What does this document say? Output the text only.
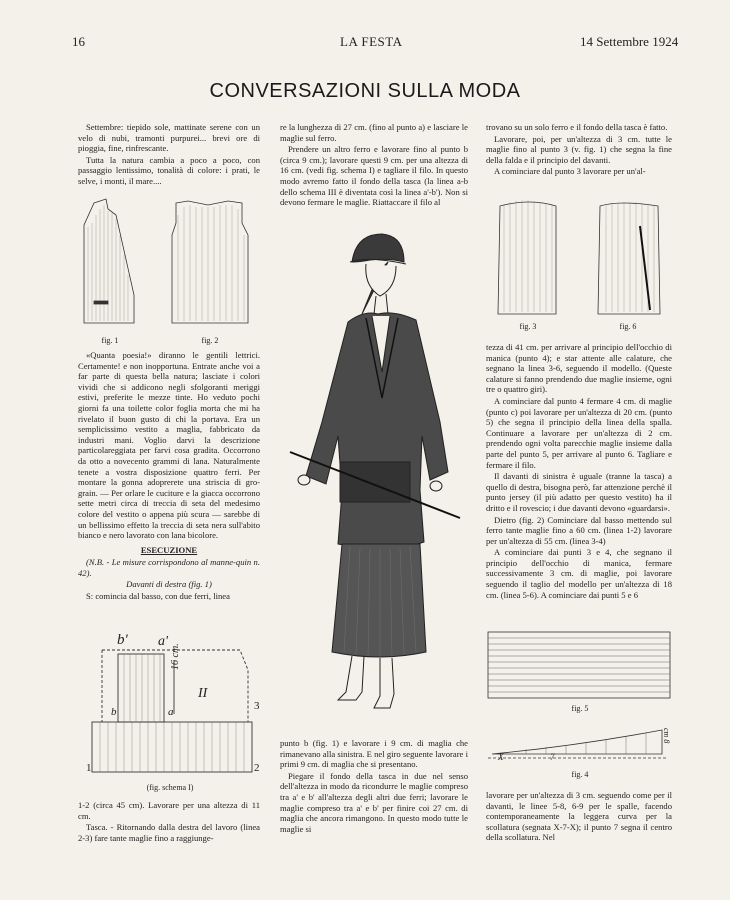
16	LA FESTA	14 Settembre 1924
CONVERSAZIONI SULLA MODA

Settembre: tiepido sole, mattinate serene con un velo di nubi, tramonti purpurei... brevi ore di pioggia, fine, rinfrescante.

Tutta la natura cambia a poco a poco, con passaggio lentissimo, tonalità di colore: i prati, le selve, i monti, il mare....

fig. 1	fig. 2

«Quanta poesia!» diranno le gentili lettrici. Certamente! e non inopportuna. Entrate anche voi a far parte di questa bella natura; lasciate i colori vividi che si addicono negli sfolgoranti meriggi estivi, preferite le mezze tinte. Ho veduto pochi giorni fa una toilette color foglia morta che mi ha rivelato il buon gusto di chi la portava. Era un semplicissimo vestito a maglia, fabbricato da industri mani. Voglio darvi la descrizione particolareggiata per farvi cosa gradita. Occorrono da otto a novecento grammi di lana. Naturalmente tenete a vostra disposizione quattro ferri. Per montare la gonna adoprerete una striscia di gro-grain. — Per orlare le cuciture e la giacca occorrono sette metri circa di treccia di seta del medesimo colore del vestito o appena più scura — sarebbe di un bellissimo effetto la treccia di seta nera sull'abito bianco e nero lavorato con lana bicolore.

ESECUZIONE

(N.B. - Le misure corrispondono al manne-quin n. 42).

Davanti di destra (fig. 1)

S: comincia dal basso, con due ferri, linea

b' a'
b	a
16 cm.
II
1	2
3
(fig. schema I)

1-2 (circa 45 cm). Lavorare per una altezza di 11 cm.

Tasca. - Ritornando dalla destra del lavoro (linea 2-3) fare tante maglie fino a raggiunge-

re la lunghezza di 27 cm. (fino al punto a) e lasciare le maglie sul ferro.

Prendere un altro ferro e lavorare fino al punto b (circa 9 cm.); lavorare questi 9 cm. per una altezza di 16 cm. (vedi fig. schema I) e tagliare il filo. In questo modo avremo fatto il fondo della tasca (la linea a-b dello schema III è diventata così la linea a'-b'). Non si devono fermare le maglie. Riattaccare il filo al

punto b (fig. 1) e lavorare i 9 cm. di maglia che rimanevano alla sinistra. E nel giro seguente lavorare i primi 9 cm. di maglia che si presentano.

Piegare il fondo della tasca in due nel senso dell'altezza in modo da ricondurre le maglie compreso tra a' e b' all'altezza degli altri due ferri; lavorare le maglie compreso tra a' e b' per finire coi 27 cm. di maglia che ancora rimangono. In questo modo tutte le maglie si

trovano su un solo ferro e il fondo della tasca è fatto.

Lavorare, poi, per un'altezza di 3 cm. tutte le maglie fino al punto 3 (v. fig. 1) che segna la fine della falda e il principio del davanti.

A cominciare dal punto 3 lavorare per un'al-

fig. 3	fig. 6

tezza di 41 cm. per arrivare al principio dell'occhio di manica (punto 4); e star attente alle calature, che segnano la linea 3-6, seguendo il modello. (Queste calature si fanno prendendo due maglie insieme, ogni tre o quattro giri).

A cominciare dal punto 4 fermare 4 cm. di maglie (punto c) poi lavorare per un'altezza di 20 cm. (punto 5) che segna il principio della linea della spalla. Continuare a lavorare per un'altezza di 2 cm. prendendo ogni volta parecchie maglie insieme dalla parte del punto 5, per arrivare al punto 6. Tagliare e fermare il filo.

Il davanti di sinistra è uguale (tranne la tasca) a quello di destra, bisogna però, far attenzione perchè il punto jersey (il più adatto per questo vestito) ha il dritto e il rovescio; i due davanti devono «guardarsi».

Dietro (fig. 2) Cominciare dal basso mettendo sul ferro tante maglie fino a 60 cm. (linea 1-2) lavorare per un'altezza di 55 cm. (linea 3-4)

A cominciare dai punti 3 e 4, che segnano il principio dell'occhio di manica, fermare successivamente 3 cm. di maglie, poi lavorare seguendo il taglio del modello per un'altezza di 18 cm. (linea 5-6). A cominciare dai punti 5 e 6

fig. 5
7
X
cm 8
fig. 4

lavorare per un'altezza di 3 cm. seguendo come per il davanti, le linee 5-8, 6-9 per le spalle, facendo contemporaneamente la leggera curva per la scollatura (segnata X-7-X); il punto 7 segna il centro della scollatura. Nel
